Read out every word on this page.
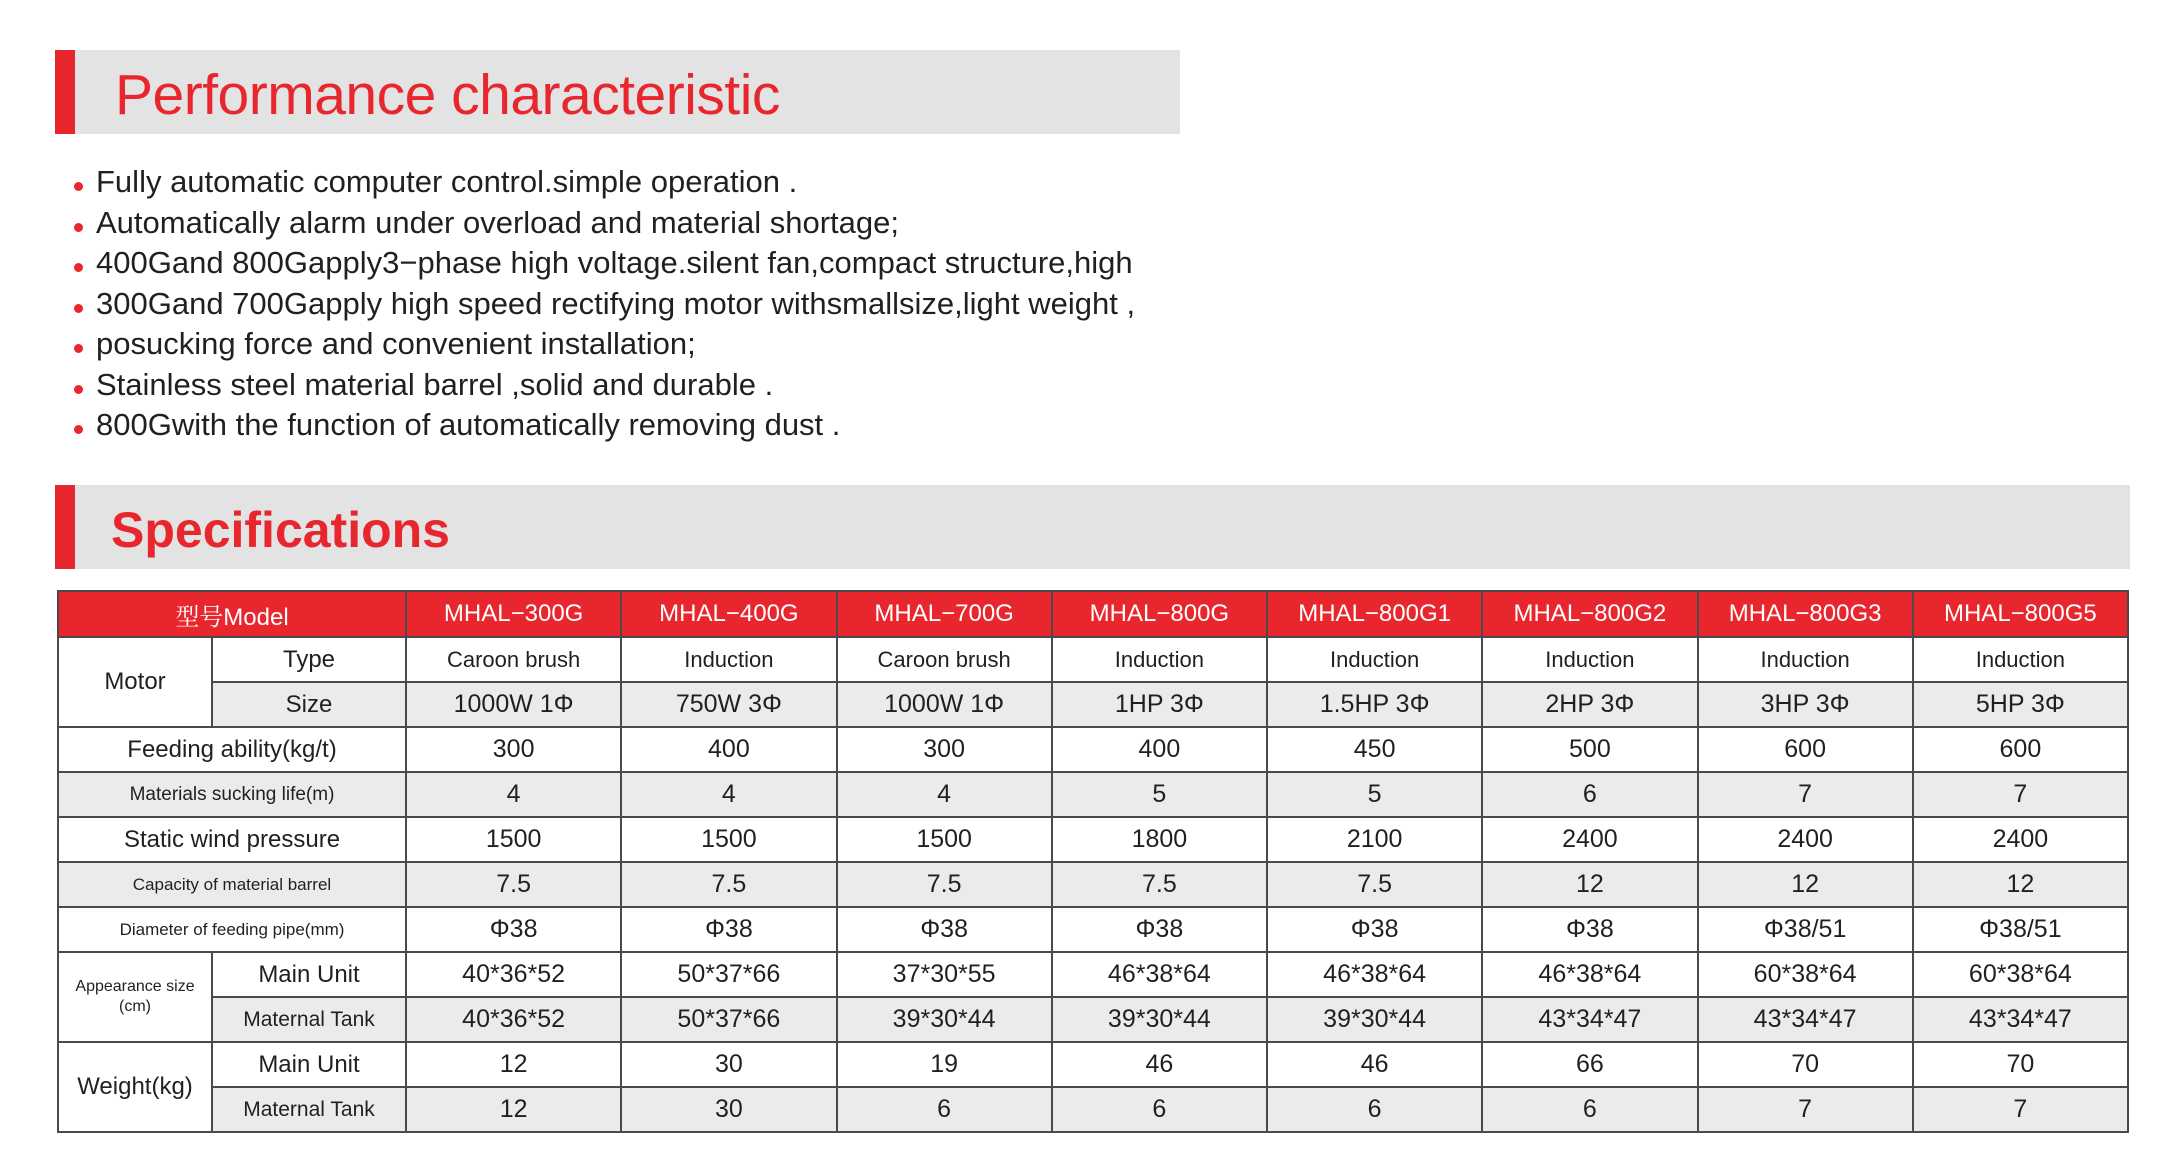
Performance characteristic
Fully automatic computer control.simple operation .
Automatically alarm under overload and material shortage;
400Gand 800Gapply3−phase high voltage.silent fan,compact structure,high
300Gand 700Gapply high speed rectifying motor withsmallsize,light weight ,
posucking force and convenient installation;
Stainless steel material barrel ,solid and durable .
800Gwith the function of automatically removing dust .
Specifications
型号Model		MHAL−300G	MHAL−400G	MHAL−700G	MHAL−800G	MHAL−800G1	MHAL−800G2	MHAL−800G3	MHAL−800G5
Motor	Type	Caroon brush	Induction	Caroon brush	Induction	Induction	Induction	Induction	Induction
	Size	1000W 1Φ	750W 3Φ	1000W 1Φ	1HP 3Φ	1.5HP 3Φ	2HP 3Φ	3HP 3Φ	5HP 3Φ
Feeding ability(kg/t)		300	400	300	400	450	500	600	600
Materials sucking life(m)		4	4	4	5	5	6	7	7
Static wind pressure		1500	1500	1500	1800	2100	2400	2400	2400
Capacity of material barrel		7.5	7.5	7.5	7.5	7.5	12	12	12
Diameter of feeding pipe(mm)		Φ38	Φ38	Φ38	Φ38	Φ38	Φ38	Φ38/51	Φ38/51
Appearance size (cm)	Main Unit	40*36*52	50*37*66	37*30*55	46*38*64	46*38*64	46*38*64	60*38*64	60*38*64
	Maternal Tank	40*36*52	50*37*66	39*30*44	39*30*44	39*30*44	43*34*47	43*34*47	43*34*47
Weight(kg)	Main Unit	12	30	19	46	46	66	70	70
	Maternal Tank	12	30	6	6	6	6	7	7
